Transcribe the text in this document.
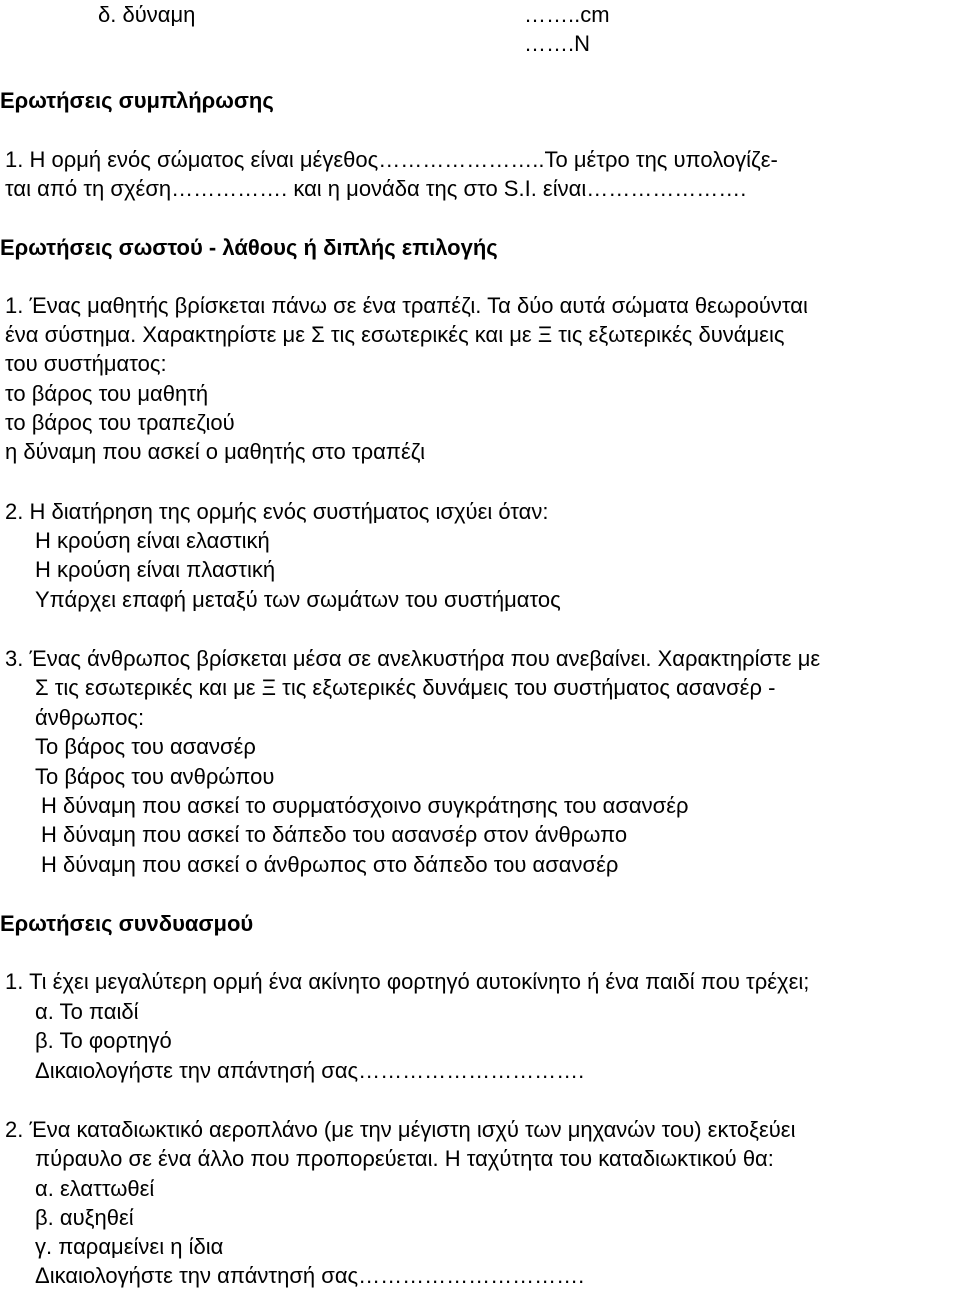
δ. δύναμη	……..cm
…….N
Ερωτήσεις συμπλήρωσης
1. Η ορμή ενός σώματος είναι μέγεθος…………………..Το μέτρο της υπολογίζε-
ται από τη σχέση……………. και η μονάδα της στο S.I. είναι………………….
Ερωτήσεις σωστού - λάθους ή διπλής επιλογής
1. Ένας μαθητής βρίσκεται πάνω σε ένα τραπέζι. Τα δύο αυτά σώματα θεωρούνται
ένα σύστημα. Χαρακτηρίστε με Σ τις εσωτερικές και με Ξ τις εξωτερικές δυνάμεις
του συστήματος:
το βάρος του μαθητή
το βάρος του τραπεζιού
η δύναμη που ασκεί ο μαθητής στο τραπέζι
2. Η διατήρηση της ορμής ενός συστήματος ισχύει όταν:
Η κρούση είναι ελαστική
Η κρούση είναι πλαστική
Υπάρχει επαφή μεταξύ των σωμάτων του συστήματος
3. Ένας άνθρωπος βρίσκεται μέσα σε ανελκυστήρα που ανεβαίνει. Χαρακτηρίστε με
Σ τις εσωτερικές και με Ξ τις εξωτερικές δυνάμεις του συστήματος ασανσέρ -
άνθρωπος:
Το βάρος του ασανσέρ
Το βάρος του ανθρώπου
Η δύναμη που ασκεί το συρματόσχοινο συγκράτησης του ασανσέρ
Η δύναμη που ασκεί το δάπεδο του ασανσέρ στον άνθρωπο
Η δύναμη που ασκεί ο άνθρωπος στο δάπεδο του ασανσέρ
Ερωτήσεις συνδυασμού
1. Τι έχει μεγαλύτερη ορμή ένα ακίνητο φορτηγό αυτοκίνητο ή ένα παιδί που τρέχει;
α. Το παιδί
β. Το φορτηγό
Δικαιολογήστε την απάντησή σας………………………….
2. Ένα καταδιωκτικό αεροπλάνο (με την μέγιστη ισχύ των μηχανών του) εκτοξεύει
πύραυλο σε ένα άλλο που προπορεύεται. Η ταχύτητα του καταδιωκτικού θα:
α. ελαττωθεί
β. αυξηθεί
γ. παραμείνει η ίδια
Δικαιολογήστε την απάντησή σας………………………….
